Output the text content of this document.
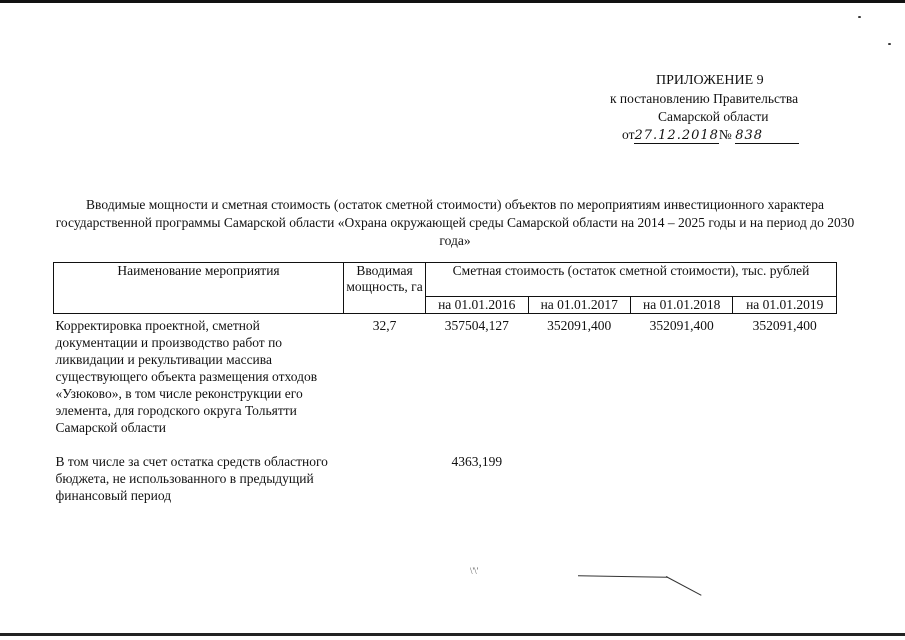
ПРИЛОЖЕНИЕ 9
к постановлению Правительства
Самарской области
от27.12.2018№ 838
Вводимые мощности и сметная стоимость (остаток сметной стоимости) объектов по мероприятиям инвестиционного характера государственной программы Самарской области «Охрана окружающей среды Самарской области на 2014 – 2025 годы и на период до 2030 года»
Наименование мероприятия	Вводимая мощность, га	Сметная стоимость (остаток сметной стоимости), тыс. рублей			
		на 01.01.2016	на 01.01.2017	на 01.01.2018	на 01.01.2019
Корректировка проектной, сметной документации и производство работ по ликвидации и рекультивации массива существующего объекта размещения отходов «Узюково», в том числе реконструкции его элемента, для городского округа Тольятти Самарской области	32,7	357504,127	352091,400	352091,400	352091,400
В том числе за счет остатка средств областного бюджета, не использованного в предыдущий финансовый период		4363,199			
\'\'
